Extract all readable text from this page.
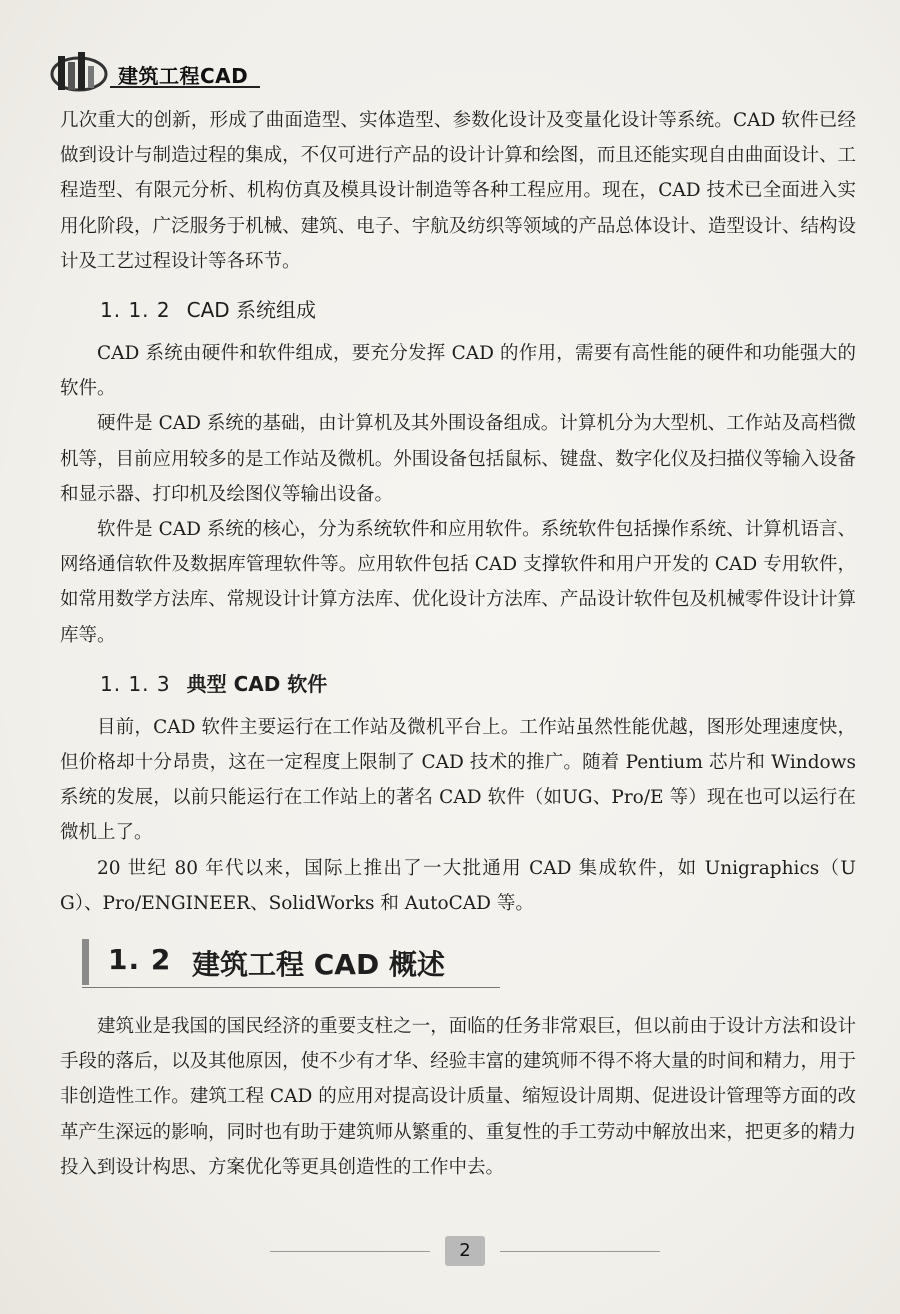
建筑工程CAD

几次重大的创新，形成了曲面造型、实体造型、参数化设计及变量化设计等系统。CAD 软件已经做到设计与制造过程的集成，不仅可进行产品的设计计算和绘图，而且还能实现自由曲面设计、工程造型、有限元分析、机构仿真及模具设计制造等各种工程应用。现在，CAD 技术已全面进入实用化阶段，广泛服务于机械、建筑、电子、宇航及纺织等领域的产品总体设计、造型设计、结构设计及工艺过程设计等各环节。

1. 1. 2 CAD 系统组成

CAD 系统由硬件和软件组成，要充分发挥 CAD 的作用，需要有高性能的硬件和功能强大的软件。

硬件是 CAD 系统的基础，由计算机及其外围设备组成。计算机分为大型机、工作站及高档微机等，目前应用较多的是工作站及微机。外围设备包括鼠标、键盘、数字化仪及扫描仪等输入设备和显示器、打印机及绘图仪等输出设备。

软件是 CAD 系统的核心，分为系统软件和应用软件。系统软件包括操作系统、计算机语言、网络通信软件及数据库管理软件等。应用软件包括 CAD 支撑软件和用户开发的 CAD 专用软件，如常用数学方法库、常规设计计算方法库、优化设计方法库、产品设计软件包及机械零件设计计算库等。

1. 1. 3 典型 CAD 软件

目前，CAD 软件主要运行在工作站及微机平台上。工作站虽然性能优越，图形处理速度快，但价格却十分昂贵，这在一定程度上限制了 CAD 技术的推广。随着 Pentium 芯片和 Windows 系统的发展，以前只能运行在工作站上的著名 CAD 软件（如UG、Pro/E 等）现在也可以运行在微机上了。

20 世纪 80 年代以来，国际上推出了一大批通用 CAD 集成软件，如 Unigraphics（UG）、Pro/ENGINEER、SolidWorks 和 AutoCAD 等。

1. 2 建筑工程 CAD 概述

建筑业是我国的国民经济的重要支柱之一，面临的任务非常艰巨，但以前由于设计方法和设计手段的落后，以及其他原因，使不少有才华、经验丰富的建筑师不得不将大量的时间和精力，用于非创造性工作。建筑工程 CAD 的应用对提高设计质量、缩短设计周期、促进设计管理等方面的改革产生深远的影响，同时也有助于建筑师从繁重的、重复性的手工劳动中解放出来，把更多的精力投入到设计构思、方案优化等更具创造性的工作中去。

2
